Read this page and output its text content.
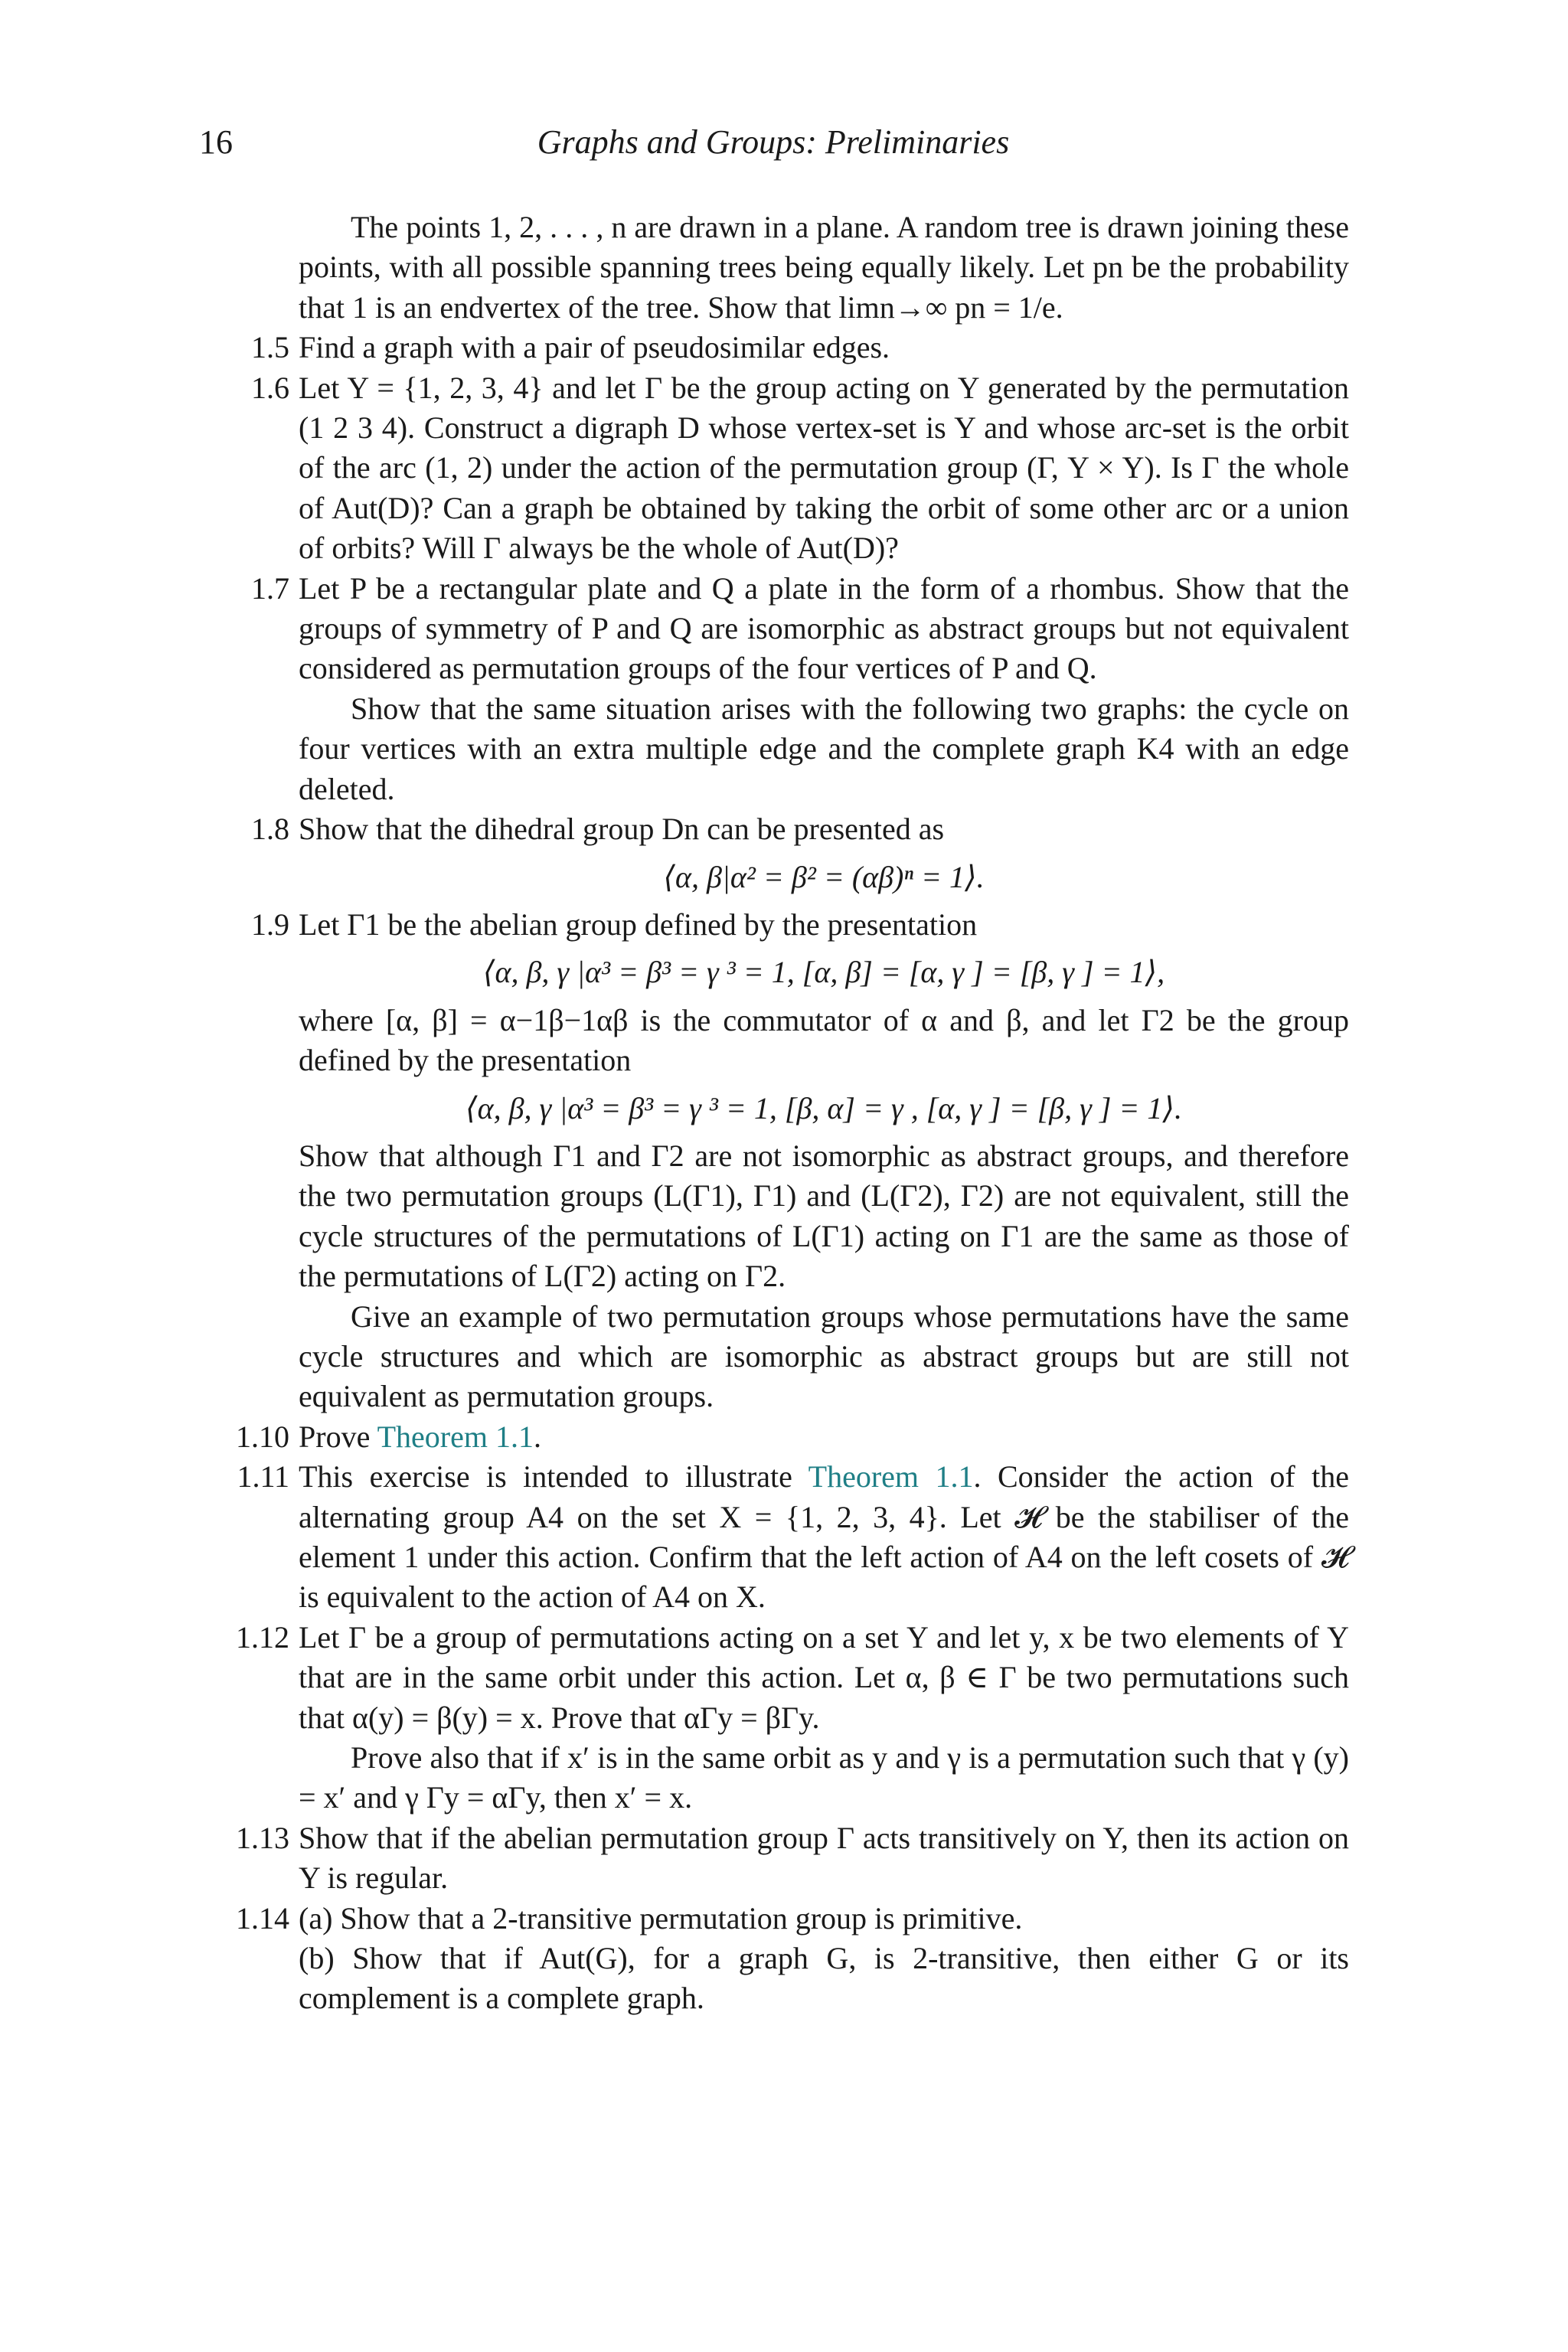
16	Graphs and Groups: Preliminaries

The points 1, 2, . . . , n are drawn in a plane. A random tree is drawn joining these points, with all possible spanning trees being equally likely. Let pn be the probability that 1 is an endvertex of the tree. Show that limn→∞ pn = 1/e.

1.5 Find a graph with a pair of pseudosimilar edges.

1.6 Let Y = {1, 2, 3, 4} and let Γ be the group acting on Y generated by the permutation (1 2 3 4). Construct a digraph D whose vertex-set is Y and whose arc-set is the orbit of the arc (1, 2) under the action of the permutation group (Γ, Y × Y). Is Γ the whole of Aut(D)? Can a graph be obtained by taking the orbit of some other arc or a union of orbits? Will Γ always be the whole of Aut(D)?

1.7 Let P be a rectangular plate and Q a plate in the form of a rhombus. Show that the groups of symmetry of P and Q are isomorphic as abstract groups but not equivalent considered as permutation groups of the four vertices of P and Q.

Show that the same situation arises with the following two graphs: the cycle on four vertices with an extra multiple edge and the complete graph K4 with an edge deleted.

1.8 Show that the dihedral group Dn can be presented as

⟨α, β|α² = β² = (αβ)ⁿ = 1⟩.
1.9 Let Γ1 be the abelian group defined by the presentation

⟨α, β, γ |α³ = β³ = γ ³ = 1, [α, β] = [α, γ ] = [β, γ ] = 1⟩,

where [α, β] = α−1β−1αβ is the commutator of α and β, and let Γ2 be the group defined by the presentation

⟨α, β, γ |α³ = β³ = γ ³ = 1, [β, α] = γ , [α, γ ] = [β, γ ] = 1⟩.

Show that although Γ1 and Γ2 are not isomorphic as abstract groups, and therefore the two permutation groups (L(Γ1), Γ1) and (L(Γ2), Γ2) are not equivalent, still the cycle structures of the permutations of L(Γ1) acting on Γ1 are the same as those of the permutations of L(Γ2) acting on Γ2.

Give an example of two permutation groups whose permutations have the same cycle structures and which are isomorphic as abstract groups but are still not equivalent as permutation groups.

1.10 Prove Theorem 1.1.

1.11 This exercise is intended to illustrate Theorem 1.1. Consider the action of the alternating group A4 on the set X = {1, 2, 3, 4}. Let 𝓗 be the stabiliser of the element 1 under this action. Confirm that the left action of A4 on the left cosets of 𝓗 is equivalent to the action of A4 on X.

1.12 Let Γ be a group of permutations acting on a set Y and let y, x be two elements of Y that are in the same orbit under this action. Let α, β ∈ Γ be two permutations such that α(y) = β(y) = x. Prove that αΓy = βΓy.

Prove also that if x′ is in the same orbit as y and γ is a permutation such that γ (y) = x′ and γ Γy = αΓy, then x′ = x.

1.13 Show that if the abelian permutation group Γ acts transitively on Y, then its action on Y is regular.

1.14 (a) Show that a 2-transitive permutation group is primitive.

(b) Show that if Aut(G), for a graph G, is 2-transitive, then either G or its complement is a complete graph.
